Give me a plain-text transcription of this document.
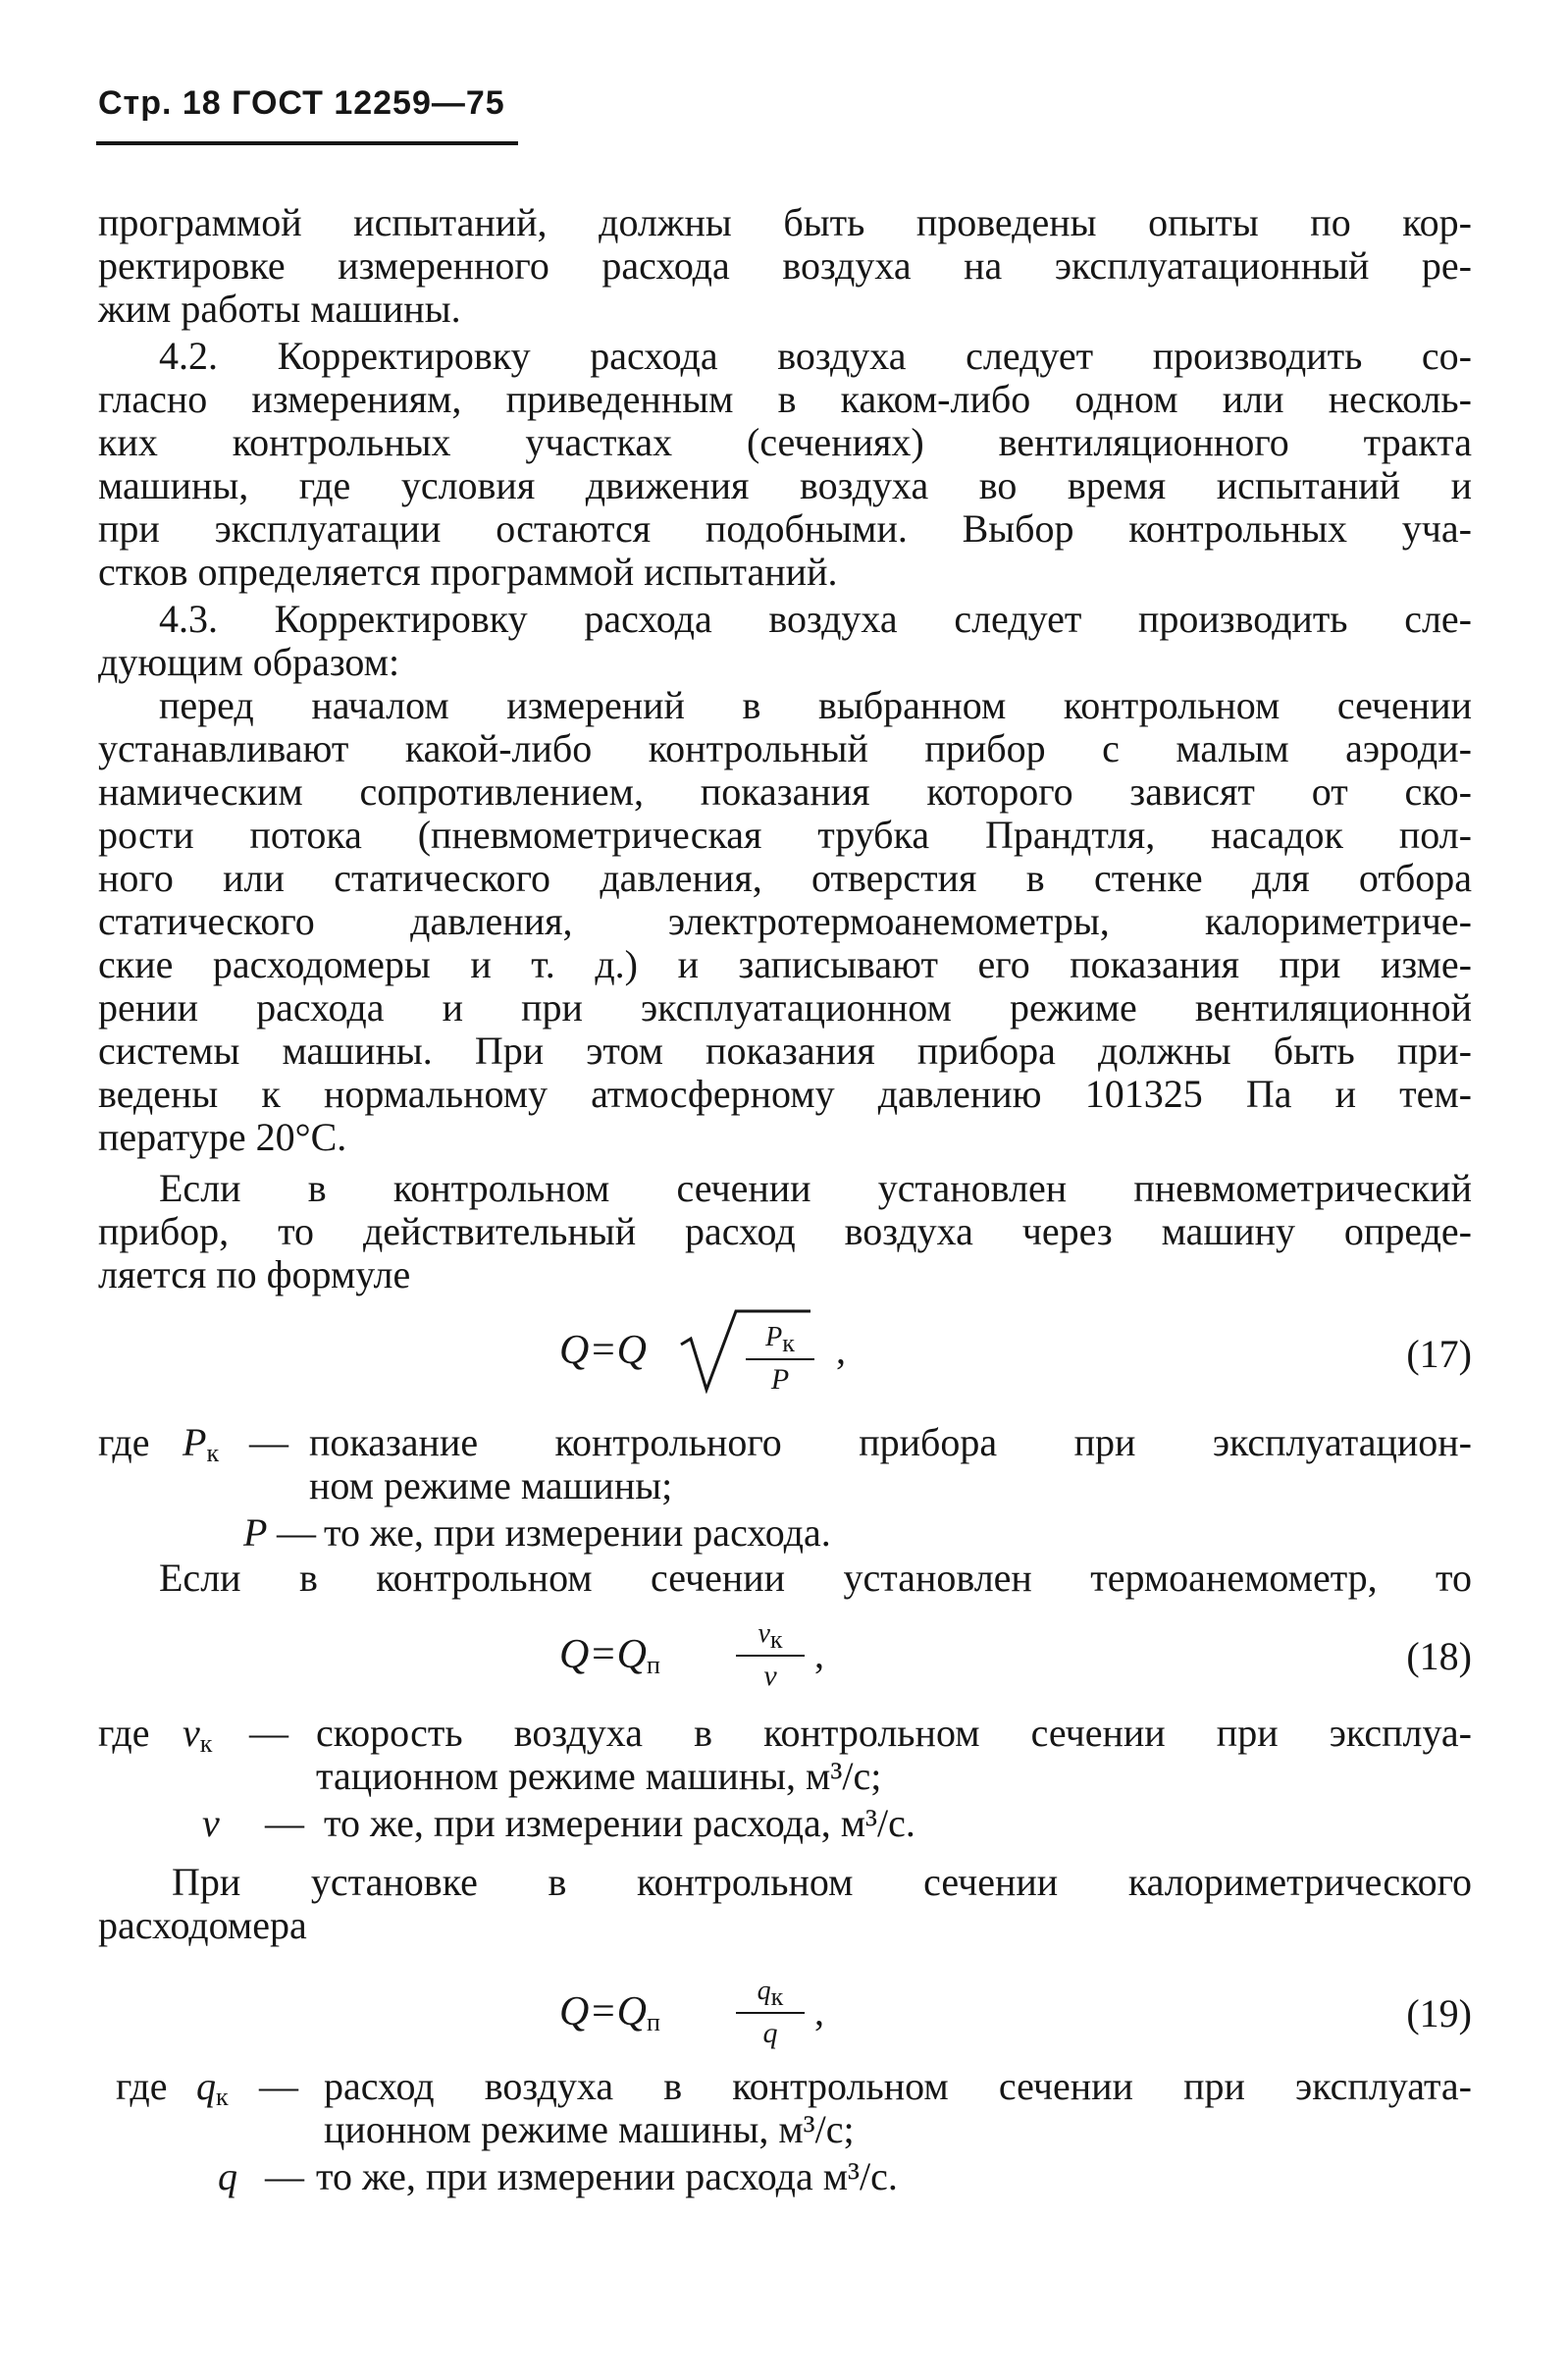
Стр. 18 ГОСТ 12259—75
программой испытаний, должны быть проведены опыты по кор-
ректировке измеренного расхода воздуха на эксплуатационный ре-
жим работы машины.
4.2. Корректировку расхода воздуха следует производить со-
гласно измерениям, приведенным в каком-либо одном или несколь-
ких контрольных участках (сечениях) вентиляционного тракта
машины, где условия движения воздуха во время испытаний и
при эксплуатации остаются подобными. Выбор контрольных уча-
стков определяется программой испытаний.
4.3. Корректировку расхода воздуха следует производить сле-
дующим образом:
перед началом измерений в выбранном контрольном сечении
устанавливают какой-либо контрольный прибор с малым аэроди-
намическим сопротивлением, показания которого зависят от ско-
рости потока (пневмометрическая трубка Прандтля, насадок пол-
ного или статического давления, отверстия в стенке для отбора
статического давления, электротермоанемометры, калориметриче-
ские расходомеры и т. д.) и записывают его показания при изме-
рении расхода и при эксплуатационном режиме вентиляционной
системы машины. При этом показания прибора должны быть при-
ведены к нормальному атмосферному давлению 101325 Па и тем-
пературе 20°С.
Если в контрольном сечении установлен пневмометрический
прибор, то действительный расход воздуха через машину опреде-
ляется по формуле
Q=Q	Pк
P
,	(17)
где Pк — показание контрольного прибора при эксплуатацион-
ном режиме машины;
P — то же, при измерении расхода.
Если в контрольном сечении установлен термоанемометр, то
$Q=Q_п$
vк
v ,	(18)
где vк — скорость воздуха в контрольном сечении при эксплуа-
тационном режиме машины, м³/с;
v — то же, при измерении расхода, м³/с.
При установке в контрольном сечении калориметрического
расходомера
$Q=Q_п$
qк
q ,	(19)
где qк — расход воздуха в контрольном сечении при эксплуата-
ционном режиме машины, м³/с;
q — то же, при измерении расхода м³/с.
